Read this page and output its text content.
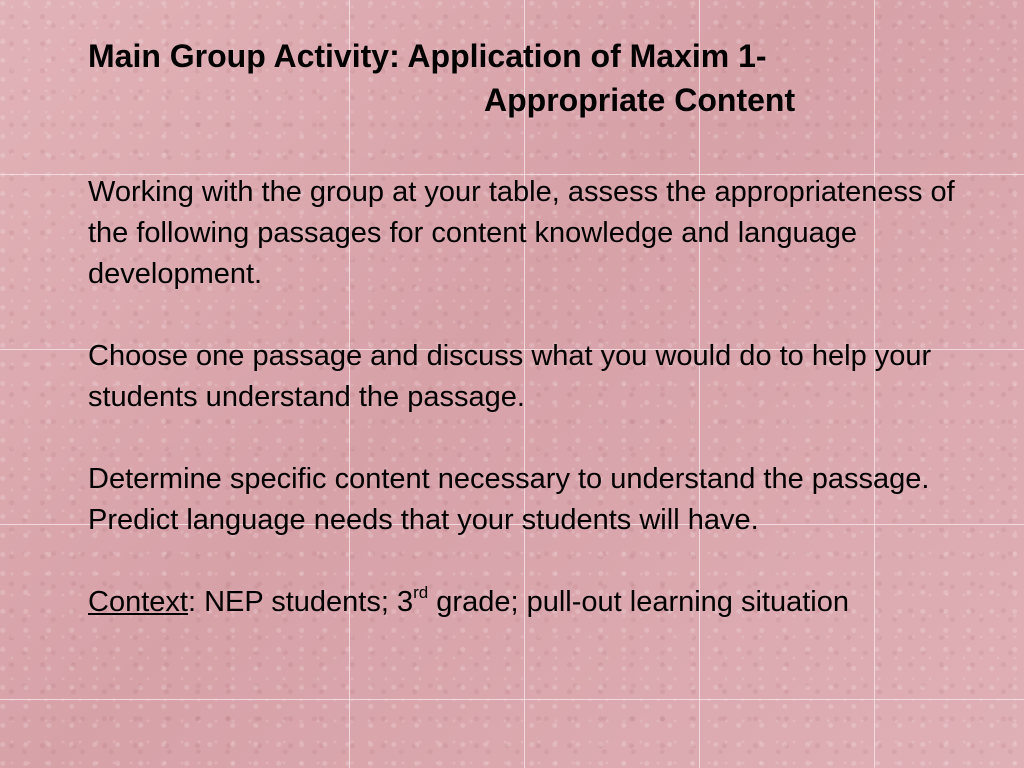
Main Group Activity: Application of Maxim 1-
Appropriate Content

Working with the group at your table, assess the appropriateness of the following passages for content knowledge and language development.

Choose one passage and discuss what you would do to help your students understand the passage.

Determine specific content necessary to understand the passage. Predict language needs that your students will have.

Context: NEP students; 3rd grade; pull-out learning situation
